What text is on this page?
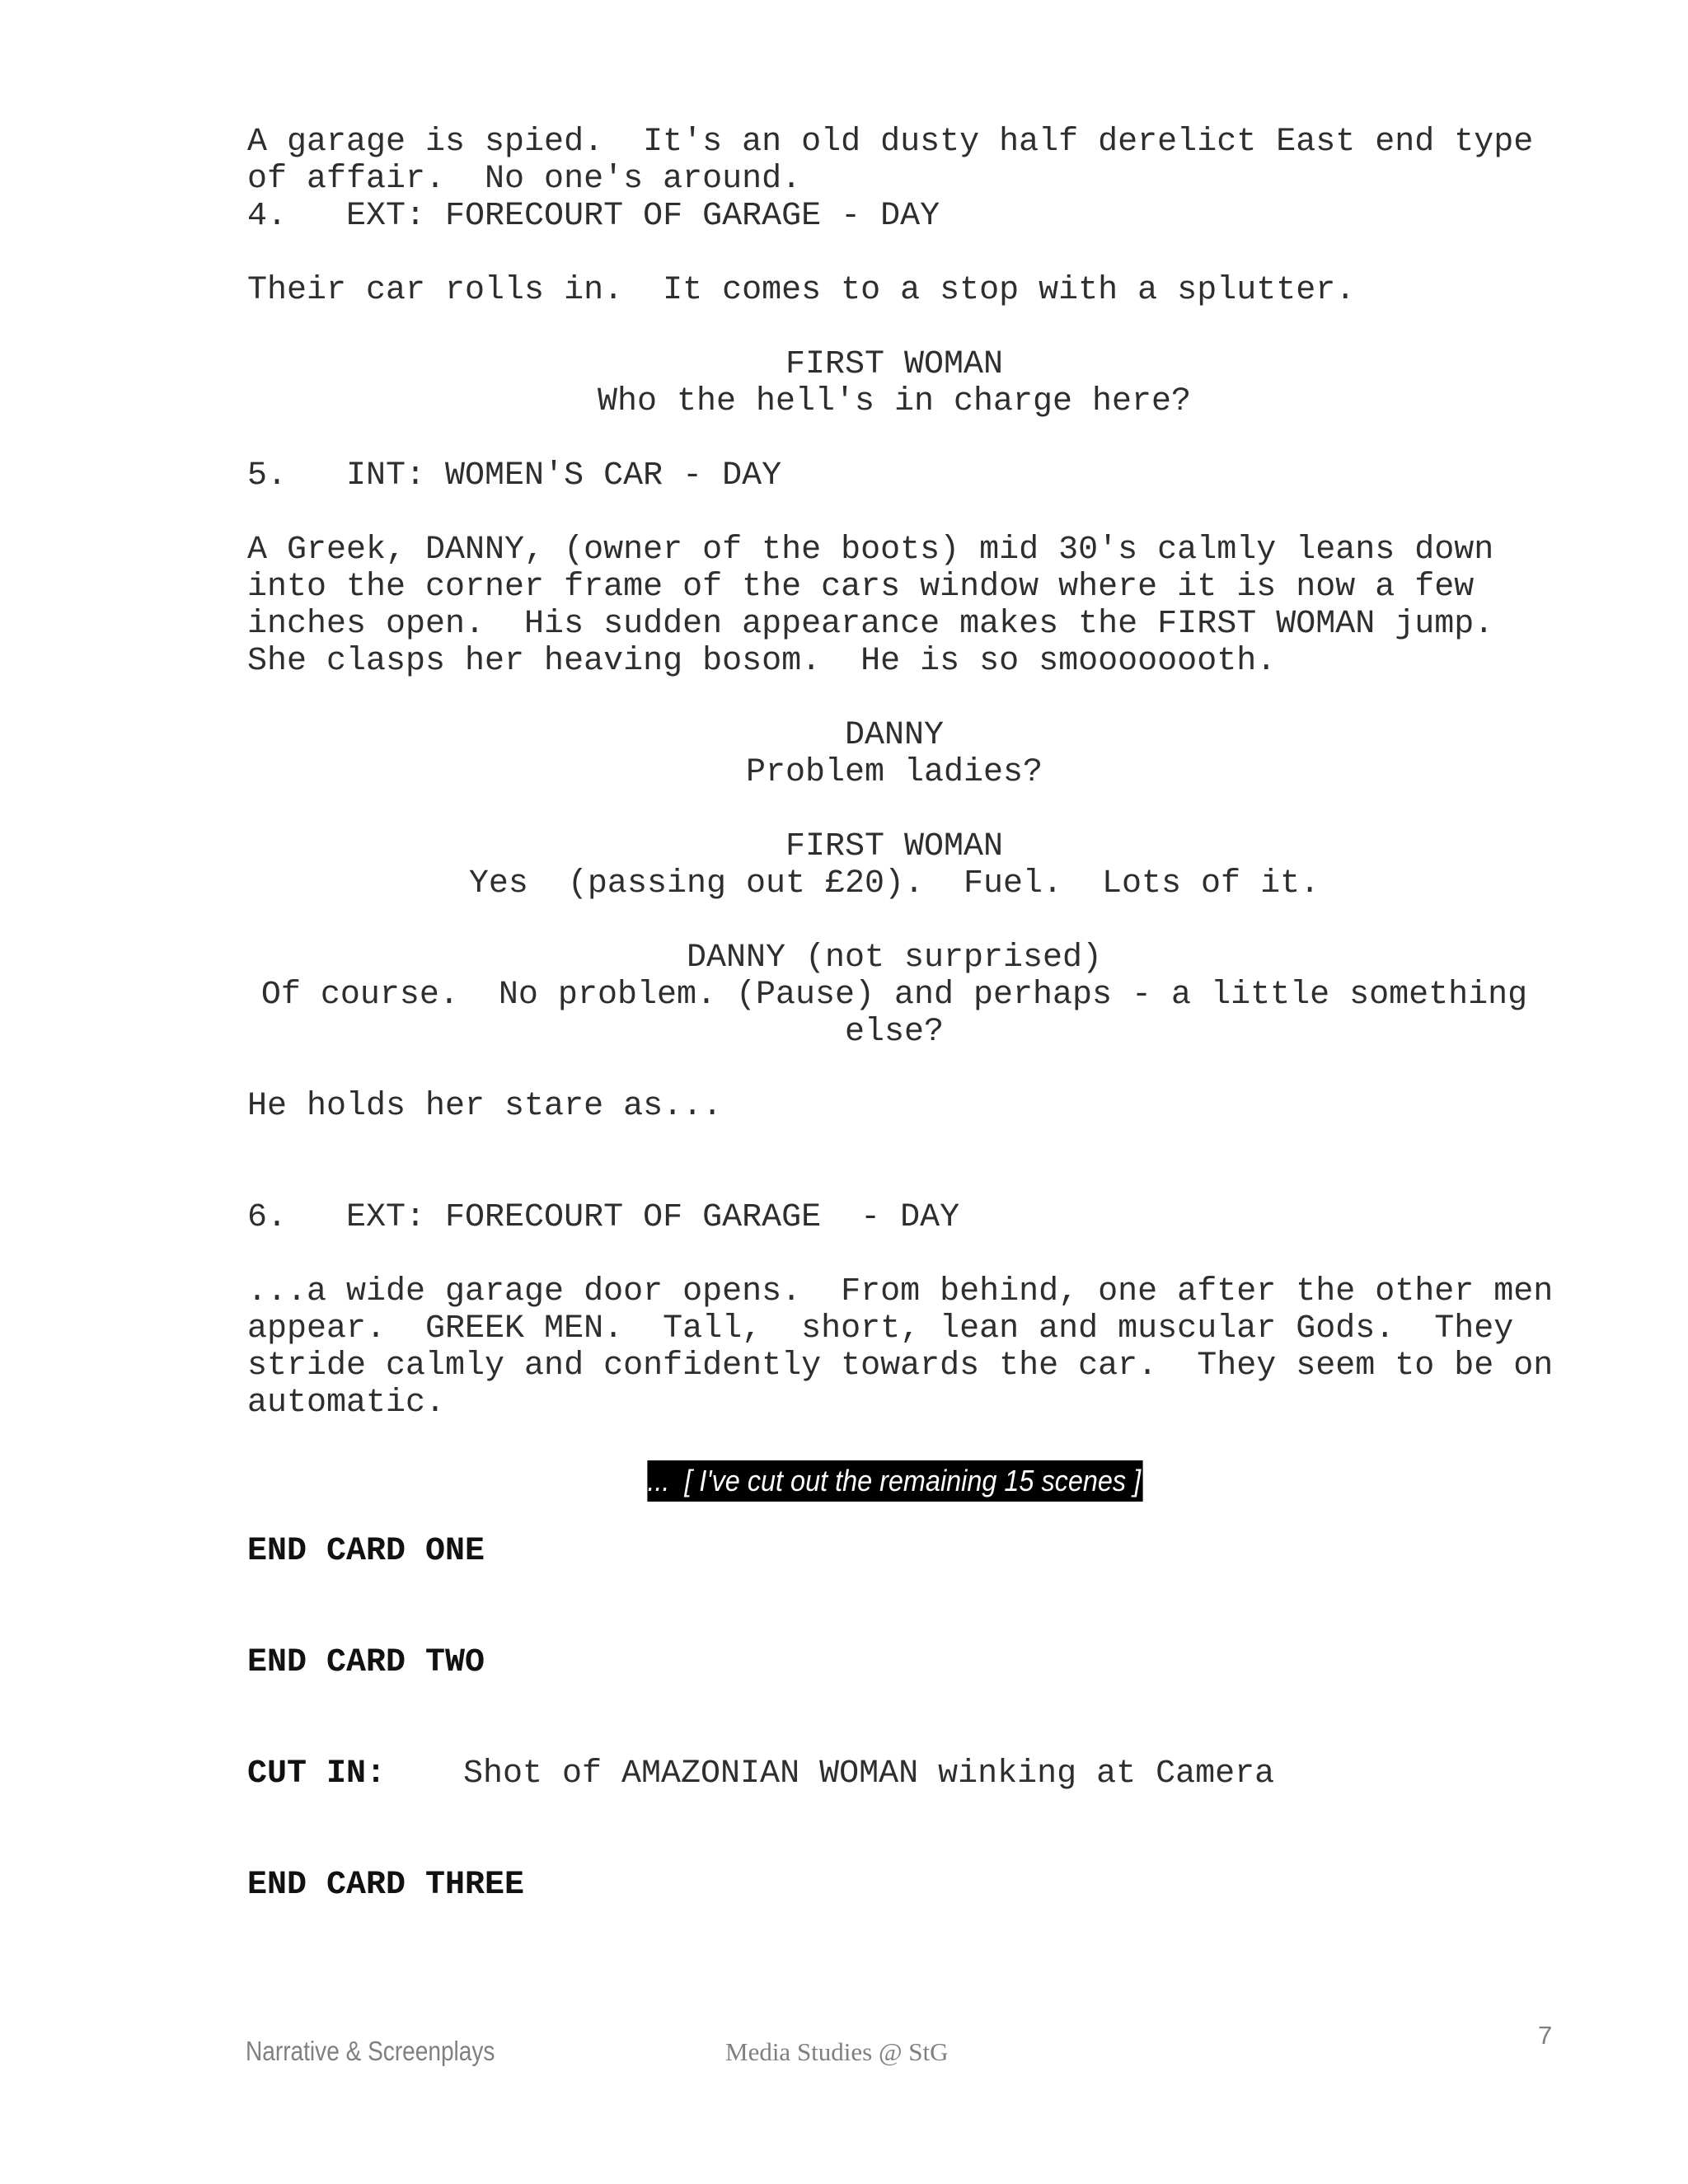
A garage is spied.  It's an old dusty half derelict East end type
of affair.  No one's around.
4.   EXT: FORECOURT OF GARAGE - DAY
Their car rolls in.  It comes to a stop with a splutter.
FIRST WOMAN
Who the hell's in charge here?
5.   INT: WOMEN'S CAR - DAY
A Greek, DANNY, (owner of the boots) mid 30's calmly leans down
into the corner frame of the cars window where it is now a few
inches open.  His sudden appearance makes the FIRST WOMAN jump.
She clasps her heaving bosom.  He is so smoooooooth.
DANNY
Problem ladies?
FIRST WOMAN
Yes  (passing out £20).  Fuel.  Lots of it.
DANNY (not surprised)
Of course.  No problem. (Pause) and perhaps - a little something
else?
He holds her stare as...
6.   EXT: FORECOURT OF GARAGE  - DAY
...a wide garage door opens.  From behind, one after the other men
appear.  GREEK MEN.  Tall,  short, lean and muscular Gods.  They
stride calmly and confidently towards the car.  They seem to be on
automatic.
...  [ I've cut out the remaining 15 scenes ]   ...
END CARD ONE
END CARD TWO
CUT IN: Shot of AMAZONIAN WOMAN winking at Camera
END CARD THREE
Narrative & Screenplays	Media Studies @ StG
7
